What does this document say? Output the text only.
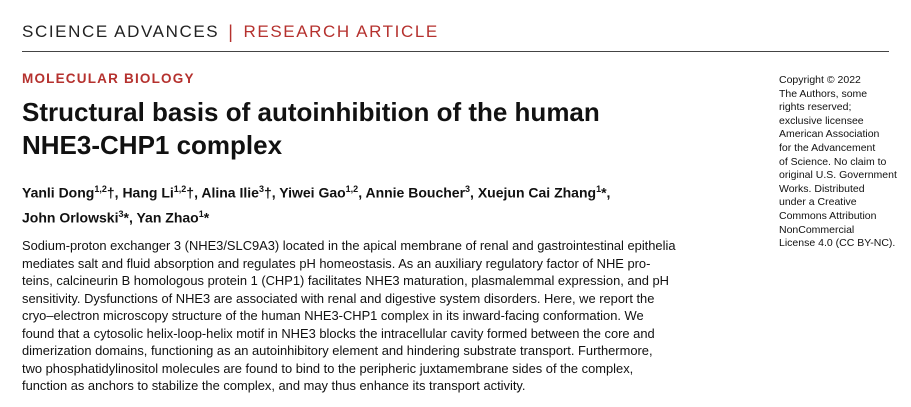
SCIENCE ADVANCES | RESEARCH ARTICLE
MOLECULAR BIOLOGY
Structural basis of autoinhibition of the human
NHE3-CHP1 complex
Yanli Dong$^{1,2}$†, Hang Li$^{1,2}$†, Alina Ilie$^3$†, Yiwei Gao$^{1,2}$, Annie Boucher$^3$, Xuejun Cai Zhang$^1$*,
John Orlowski$^3$*, Yan Zhao$^1$*
Sodium-proton exchanger 3 (NHE3/SLC9A3) located in the apical membrane of renal and gastrointestinal epithelia
mediates salt and fluid absorption and regulates pH homeostasis. As an auxiliary regulatory factor of NHE pro-
teins, calcineurin B homologous protein 1 (CHP1) facilitates NHE3 maturation, plasmalemmal expression, and pH
sensitivity. Dysfunctions of NHE3 are associated with renal and digestive system disorders. Here, we report the
cryo–electron microscopy structure of the human NHE3-CHP1 complex in its inward-facing conformation. We
found that a cytosolic helix-loop-helix motif in NHE3 blocks the intracellular cavity formed between the core and
dimerization domains, functioning as an autoinhibitory element and hindering substrate transport. Furthermore,
two phosphatidylinositol molecules are found to bind to the peripheric juxtamembrane sides of the complex,
function as anchors to stabilize the complex, and may thus enhance its transport activity.
Copyright © 2022
The Authors, some
rights reserved;
exclusive licensee
American Association
for the Advancement
of Science. No claim to
original U.S. Government
Works. Distributed
under a Creative
Commons Attribution
NonCommercial
License 4.0 (CC BY-NC).
